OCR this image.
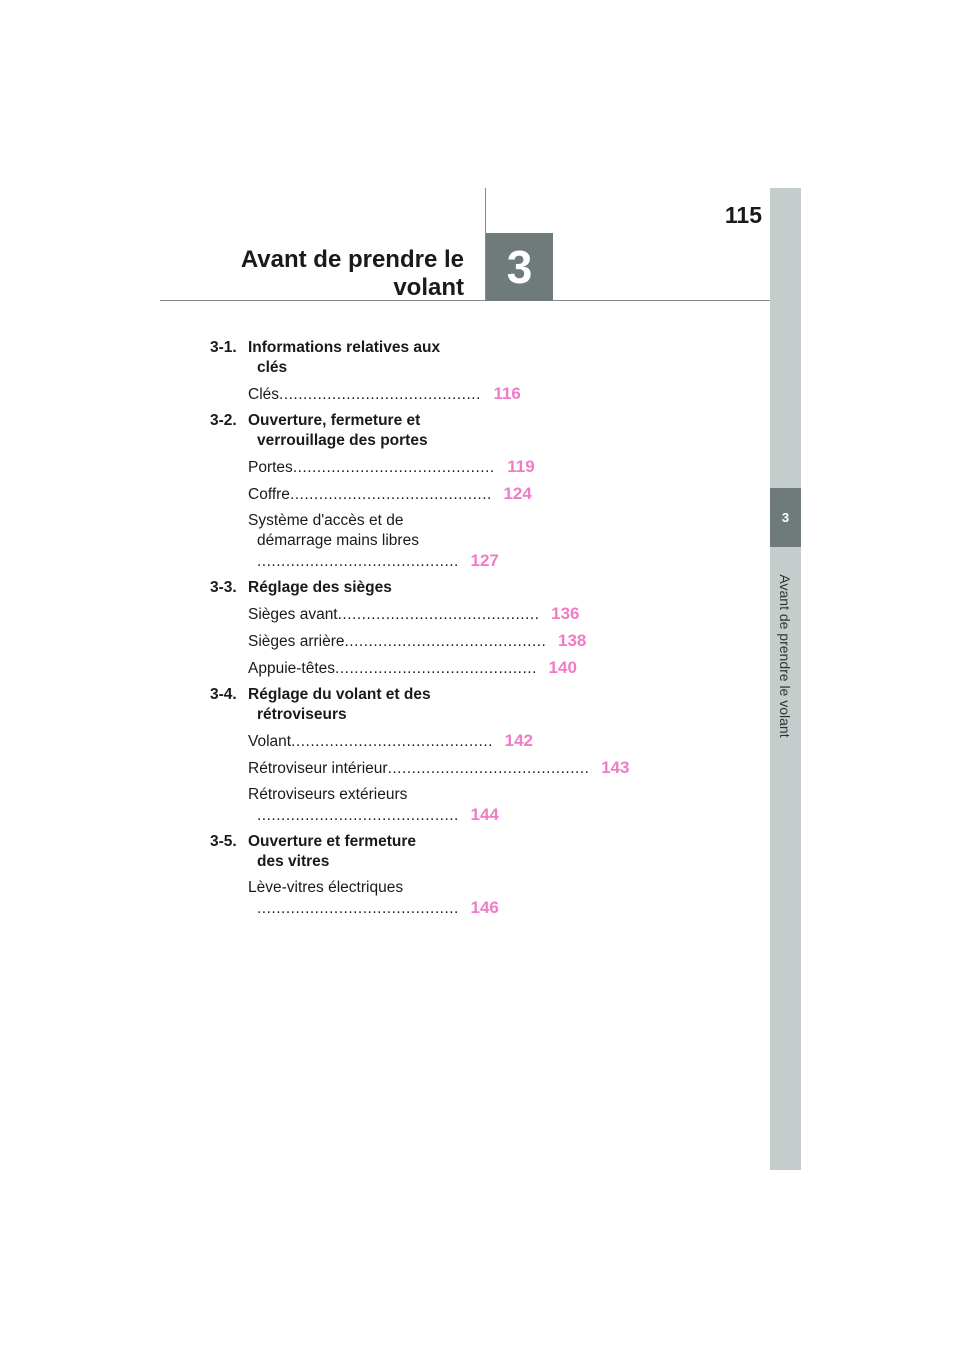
115
Avant de prendre le
volant 3
3
Avant de prendre le volant
3-1. Informations relatives aux
clés
Clés .......................................... 116
3-2. Ouverture, fermeture et
verrouillage des portes
Portes .......................................... 119
Coffre .......................................... 124
Système d'accès et de
démarrage mains libres
.......................................... 127
3-3. Réglage des sièges
Sièges avant .......................................... 136
Sièges arrière .......................................... 138
Appuie-têtes .......................................... 140
3-4. Réglage du volant et des
rétroviseurs
Volant .......................................... 142
Rétroviseur intérieur .......................................... 143
Rétroviseurs extérieurs
.......................................... 144
3-5. Ouverture et fermeture
des vitres
Lève-vitres électriques
.......................................... 146
